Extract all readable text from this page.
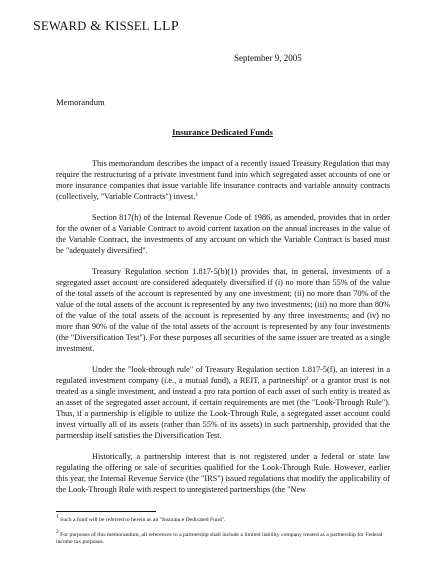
SEWARD & KISSEL LLP
September 9, 2005
Memorandum
Insurance Dedicated Funds

This memorandum describes the impact of a recently issued Treasury Regulation that may require the restructuring of a private investment fund into which segregated asset accounts of one or more insurance companies that issue variable life insurance contracts and variable annuity contracts (collectively, "Variable Contracts") invest.$^1$

Section 817(h) of the Internal Revenue Code of 1986, as amended, provides that in order for the owner of a Variable Contract to avoid current taxation on the annual increases in the value of the Variable Contract, the investments of any account on which the Variable Contract is based must be "adequately diversified".

Treasury Regulation section 1.817-5(b)(1) provides that, in general, investments of a segregated asset account are considered adequately diversified if (i) no more than 55% of the value of the total assets of the account is represented by any one investment; (ii) no more than 70% of the value of the total assets of the account is represented by any two investments; (iii) no more than 80% of the value of the total assets of the account is represented by any three investments; and (iv) no more than 90% of the value of the total assets of the account is represented by any four investments (the "Diversification Test"). For these purposes all securities of the same issuer are treated as a single investment.

Under the "look-through rule" of Treasury Regulation section 1.817-5(f), an interest in a regulated investment company (i.e., a mutual fund), a REIT, a partnership$^2$ or a grantor trust is not treated as a single investment, and instead a pro rata portion of each asset of such entity is treated as an asset of the segregated asset account, if certain requirements are met (the "Look-Through Rule"). Thus, if a partnership is eligible to utilize the Look-Through Rule, a segregated asset account could invest virtually all of its assets (rather than 55% of its assets) in such partnership, provided that the partnership itself satisfies the Diversification Test.

Historically, a partnership interest that is not registered under a federal or state law regulating the offering or sale of securities qualified for the Look-Through Rule. However, earlier this year, the Internal Revenue Service (the "IRS") issued regulations that modify the applicability of the Look-Through Rule with respect to unregistered partnerships (the "New

$^1$ Such a fund will be referred to herein as an "Insurance Dedicated Fund".
$^2$ For purposes of this memorandum, all references to a partnership shall include a limited liability company treated as a partnership for Federal income tax purposes.
